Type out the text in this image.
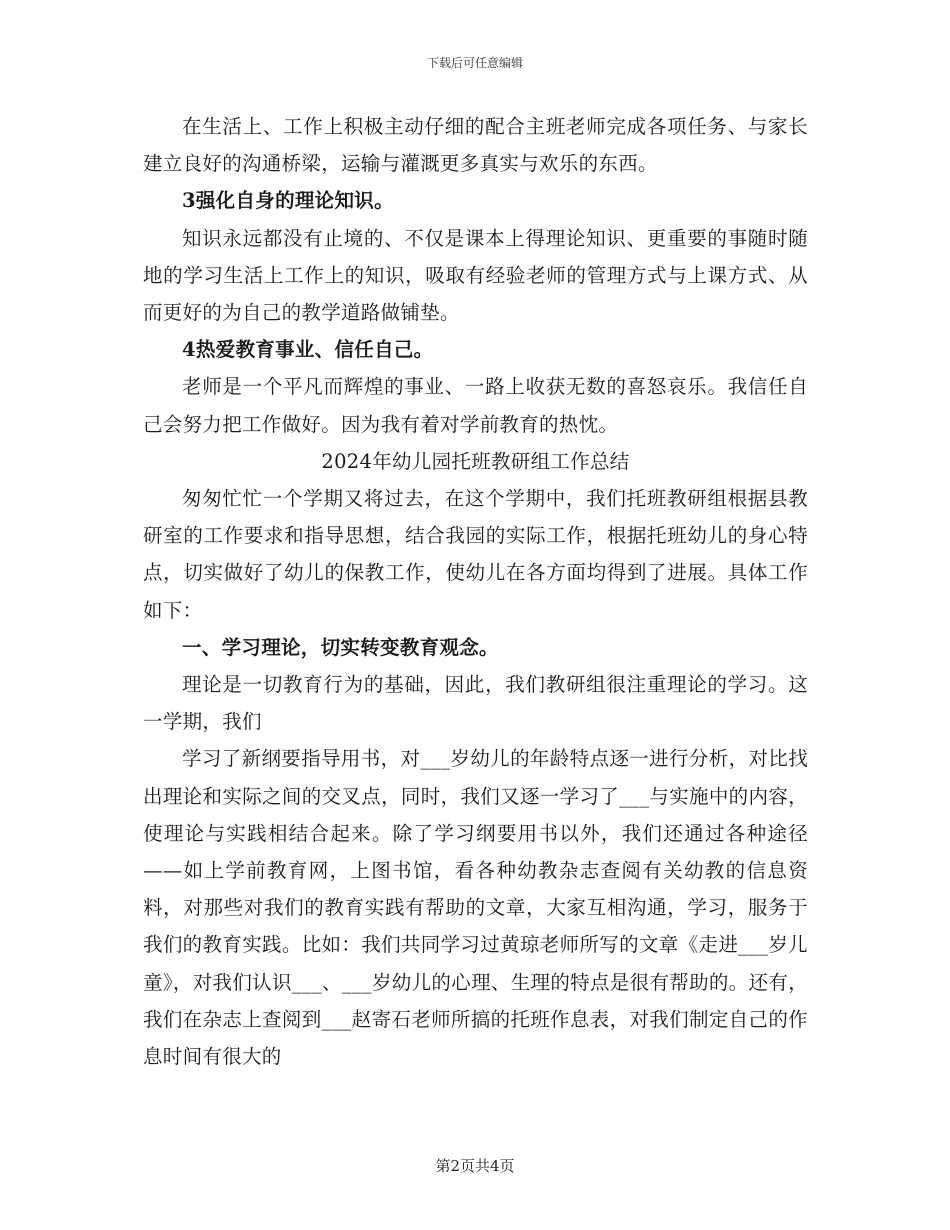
下载后可任意编辑

在生活上、工作上积极主动仔细的配合主班老师完成各项任务、与家长建立良好的沟通桥梁，运输与灌溉更多真实与欢乐的东西。

3强化自身的理论知识。

知识永远都没有止境的、不仅是课本上得理论知识、更重要的事随时随地的学习生活上工作上的知识，吸取有经验老师的管理方式与上课方式、从而更好的为自己的教学道路做铺垫。

4热爱教育事业、信任自己。

老师是一个平凡而辉煌的事业、一路上收获无数的喜怒哀乐。我信任自己会努力把工作做好。因为我有着对学前教育的热忱。

2024年幼儿园托班教研组工作总结

匆匆忙忙一个学期又将过去，在这个学期中，我们托班教研组根据县教研室的工作要求和指导思想，结合我园的实际工作，根据托班幼儿的身心特点，切实做好了幼儿的保教工作，使幼儿在各方面均得到了进展。具体工作如下：

一、学习理论，切实转变教育观念。

理论是一切教育行为的基础，因此，我们教研组很注重理论的学习。这一学期，我们

学习了新纲要指导用书，对___岁幼儿的年龄特点逐一进行分析，对比找出理论和实际之间的交叉点，同时，我们又逐一学习了___与实施中的内容，使理论与实践相结合起来。除了学习纲要用书以外，我们还通过各种途径——如上学前教育网，上图书馆，看各种幼教杂志查阅有关幼教的信息资料，对那些对我们的教育实践有帮助的文章，大家互相沟通，学习，服务于我们的教育实践。比如：我们共同学习过黄琼老师所写的文章《走进___岁儿童》，对我们认识___、___岁幼儿的心理、生理的特点是很有帮助的。还有，我们在杂志上查阅到___赵寄石老师所搞的托班作息表，对我们制定自己的作息时间有很大的

第2页共4页
